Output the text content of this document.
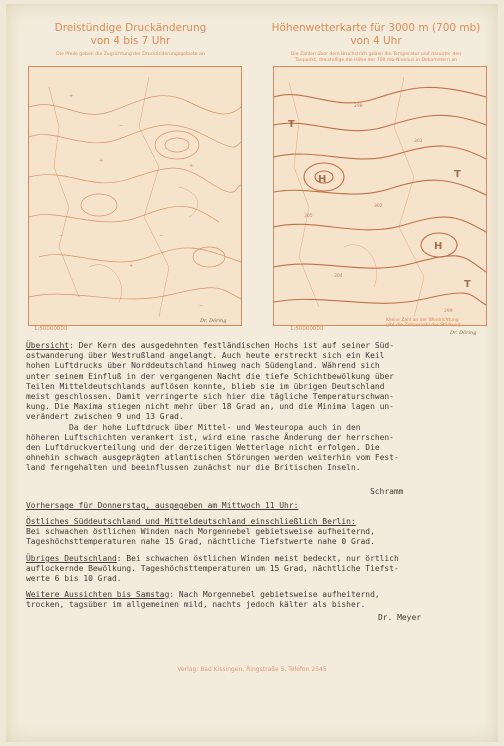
Dreistündige Druckänderung
von 4 bis 7 Uhr
Die Pfeile geben die Zugrichtung der Druckänderungsgebiete an
+
−
+
−
+
−
+
−
1:50000000
Dr. Döring
Höhenwetterkarte für 3000 m (700 mb)
von 4 Uhr
Die Zahlen über dem Bruchstrich geben die Temperatur und darunter den
Taupunkt, dreistellige die Höhe der 700 mb-Niveaus in Dekametern an
T
H	T
H
T
298
301
305
302
304
299
1:50000000
Kleine Zahl an der Windrichtung
gibt die Zehnerzahl der Stärkung
Dr. Döring
Übersicht: Der Kern des ausgedehnten festländischen Hochs ist auf seiner Süd-
ostwanderung über Westrußland angelangt. Auch heute erstreckt sich ein Keil
hohen Luftdrucks über Norddeutschland hinweg nach Südengland. Während sich
unter seinem Einfluß in der vergangenen Nacht die tiefe Schichtbewölkung über
Teilen Mitteldeutschlands auflösen konnte, blieb sie im übrigen Deutschland
meist geschlossen. Damit verringerte sich hier die tägliche Temperaturschwan-
kung. Die Maxima stiegen nicht mehr über 18 Grad an, und die Minima lagen un-
verändert zwischen 9 und 13 Grad.
Da der hohe Luftdruck über Mittel- und Westeuropa auch in den
höheren Luftschichten verankert ist, wird eine rasche Änderung der herrschen-
den Luftdruckverteilung und der derzeitigen Wetterlage nicht erfolgen. Die
ohnehin schwach ausgeprägten atlantischen Störungen werden weiterhin vom Fest-
land ferngehalten und beeinflussen zunächst nur die Britischen Inseln.
Schramm
Vorhersage für Donnerstag, ausgegeben am Mittwoch 11 Uhr:
Östliches Süddeutschland und Mitteldeutschland einschließlich Berlin:
Bei schwachen östlichen Winden nach Morgennebel gebietsweise aufheiternd,
Tageshöchsttemperaturen nahe 15 Grad, nächtliche Tiefstwerte nahe 0 Grad.
Übriges Deutschland: Bei schwachen östlichen Winden meist bedeckt, nur örtlich
auflockernde Bewölkung. Tageshöchsttemperaturen um 15 Grad, nächtliche Tiefst-
werte 6 bis 10 Grad.
Weitere Aussichten bis Samstag: Nach Morgennebel gebietsweise aufheiternd,
trocken, tagsüber im allgemeinen mild, nachts jedoch kälter als bisher.
Dr. Meyer
Verlag: Bad Kissingen, Ringstraße 5, Telefon 2545
